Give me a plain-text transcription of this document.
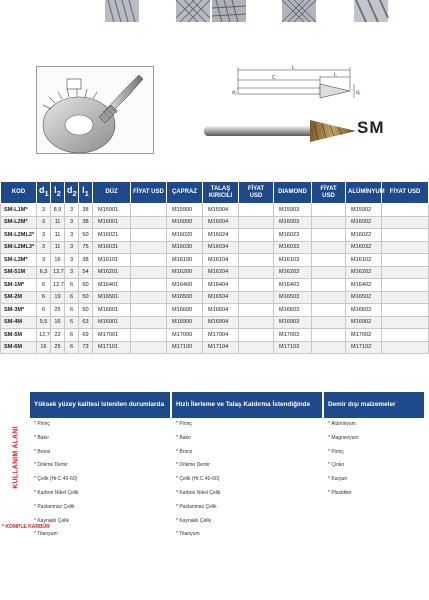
L
C	l₁
d₁
d₂
SM
KOD	$d_1$	$l_2$	$d_2$	$l_1$	DÜZ	FİYAT USD	ÇAPRAZ	TALAŞ KIRICILI	FİYAT USD	DIAMOND	FİYAT USD	ALÜMİNYUM	FİYAT USD
SM-L1M*	3	8,9	3	38	M15901		M15900	M15904		M15903		M15902	
SM-L2M*	3	11	3	38	M16001		M16000	M16004		M16003		M16002	
SM-L2ML2*	3	11	3	50	M16021		M16020	M16024		M16023		M16022	
SM-L2ML3*	3	11	3	75	M16031		M16030	M16034		M16033		M16032	
SM-L3M*	3	16	3	38	M16101		M16100	M16104		M16103		M16102	
SM-51M	6,3	12,7	3	54	M16201		M16200	M16204		M16203		M16202	
SM-1M*	6	12,7	6	50	M16401		M16400	M16404		M16403		M16402	
SM-2M	6	19	6	50	M16501		M16500	M16504		M16503		M16502	
SM-3M*	6	25	6	50	M16601		M16600	M16604		M16603		M16602	
SM-4M	9,5	16	6	63	M16901		M16900	M16904		M16903		M16902	
SM-5M	12,7	22	6	69	M17001		M17000	M17004		M17003		M17002	
SM-6M	16	25	6	73	M17101		M17100	M17104		M17103		M17102	
KULLANIM ALANI
Yüksek yüzey kalitesi istenilen durumlarda
* Pirinç
* Bakır
* Bronz
* Dökme Demir
* Çelik (Hr.C 40-60)
* Karbon Nikel Çelik
* Paslanmaz Çelik
* Kaynaklı Çelik
* Titanyum
Hızlı İlerleme ve Talaş Kaldırma İstendiğinde
* Pirinç
* Bakır
* Bronz
* Dökme Demir
* Çelik (Hr.C 40-60)
* Karbon Nikel Çelik
* Paslanmaz Çelik
* Kaynaklı Çelik
* Titanyum
Demir dışı malzemeler
* Alüminyum
* Magnezyum
* Pirinç
* Çinko
* Kurşun
* Plastikler
* KOMPLE KARBÜR
